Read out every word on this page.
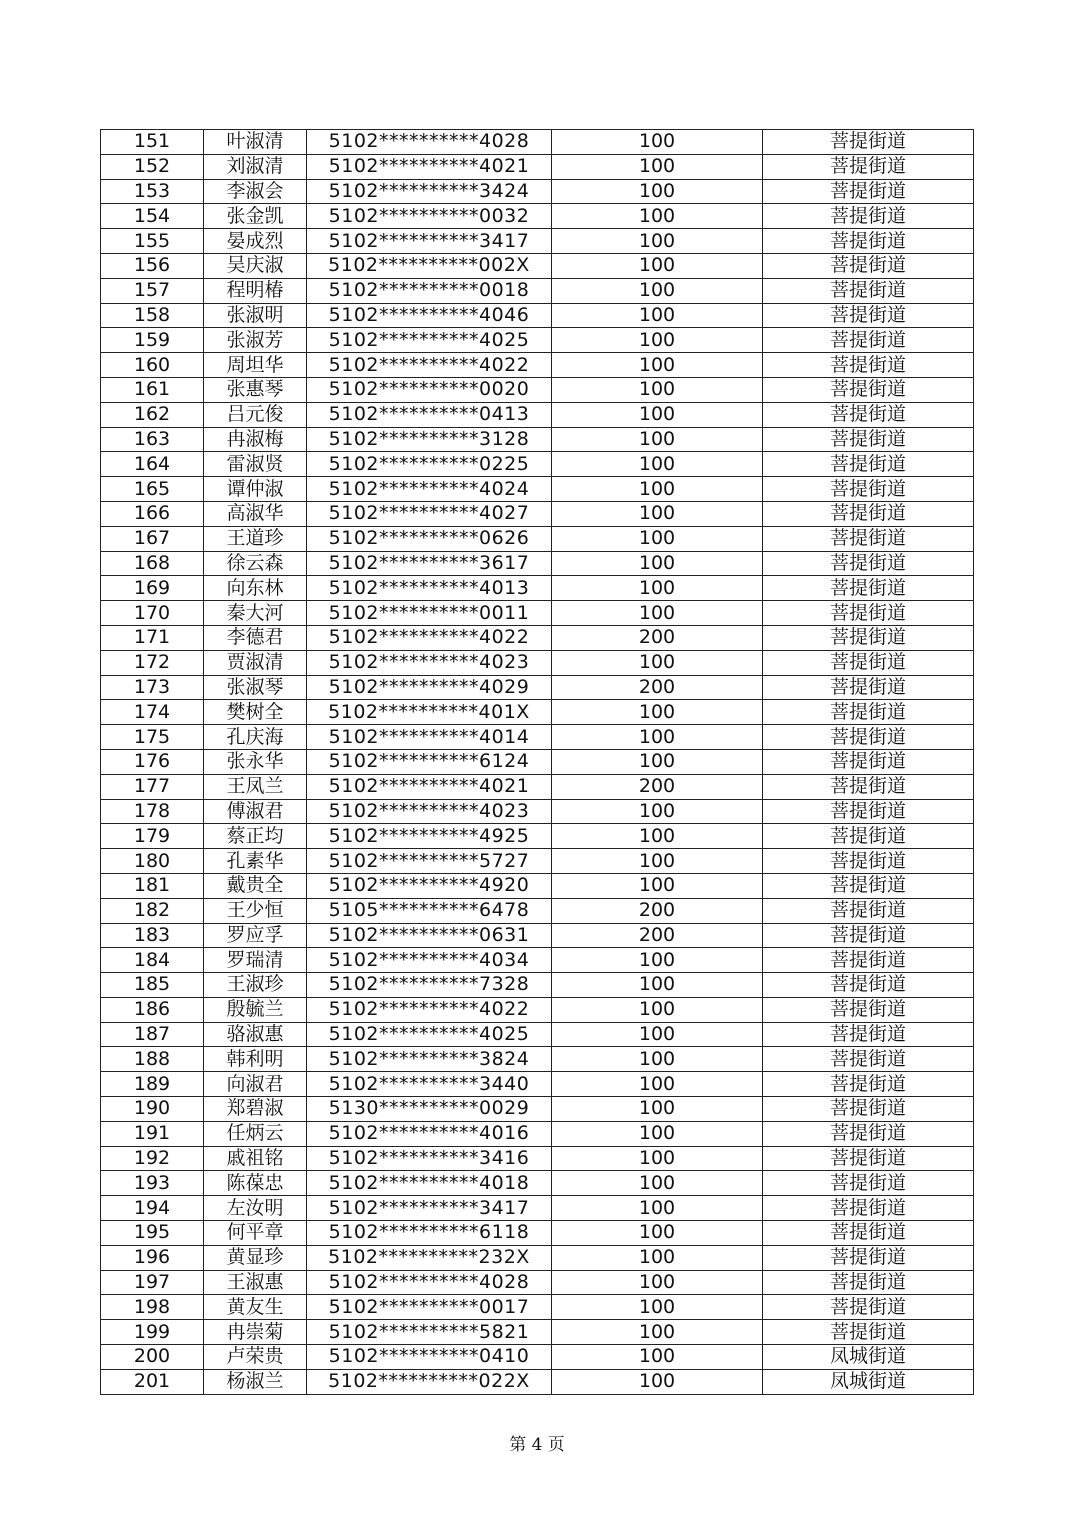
151	叶淑清	5102**********4028	100	菩提街道
152	刘淑清	5102**********4021	100	菩提街道
153	李淑会	5102**********3424	100	菩提街道
154	张金凯	5102**********0032	100	菩提街道
155	晏成烈	5102**********3417	100	菩提街道
156	吴庆淑	5102**********002X	100	菩提街道
157	程明椿	5102**********0018	100	菩提街道
158	张淑明	5102**********4046	100	菩提街道
159	张淑芳	5102**********4025	100	菩提街道
160	周坦华	5102**********4022	100	菩提街道
161	张惠琴	5102**********0020	100	菩提街道
162	吕元俊	5102**********0413	100	菩提街道
163	冉淑梅	5102**********3128	100	菩提街道
164	雷淑贤	5102**********0225	100	菩提街道
165	谭仲淑	5102**********4024	100	菩提街道
166	高淑华	5102**********4027	100	菩提街道
167	王道珍	5102**********0626	100	菩提街道
168	徐云森	5102**********3617	100	菩提街道
169	向东林	5102**********4013	100	菩提街道
170	秦大河	5102**********0011	100	菩提街道
171	李德君	5102**********4022	200	菩提街道
172	贾淑清	5102**********4023	100	菩提街道
173	张淑琴	5102**********4029	200	菩提街道
174	樊树全	5102**********401X	100	菩提街道
175	孔庆海	5102**********4014	100	菩提街道
176	张永华	5102**********6124	100	菩提街道
177	王凤兰	5102**********4021	200	菩提街道
178	傅淑君	5102**********4023	100	菩提街道
179	蔡正均	5102**********4925	100	菩提街道
180	孔素华	5102**********5727	100	菩提街道
181	戴贵全	5102**********4920	100	菩提街道
182	王少恒	5105**********6478	200	菩提街道
183	罗应孚	5102**********0631	200	菩提街道
184	罗瑞清	5102**********4034	100	菩提街道
185	王淑珍	5102**********7328	100	菩提街道
186	殷毓兰	5102**********4022	100	菩提街道
187	骆淑惠	5102**********4025	100	菩提街道
188	韩利明	5102**********3824	100	菩提街道
189	向淑君	5102**********3440	100	菩提街道
190	郑碧淑	5130**********0029	100	菩提街道
191	任炳云	5102**********4016	100	菩提街道
192	戚祖铭	5102**********3416	100	菩提街道
193	陈葆忠	5102**********4018	100	菩提街道
194	左汝明	5102**********3417	100	菩提街道
195	何平章	5102**********6118	100	菩提街道
196	黄显珍	5102**********232X	100	菩提街道
197	王淑惠	5102**********4028	100	菩提街道
198	黄友生	5102**********0017	100	菩提街道
199	冉崇菊	5102**********5821	100	菩提街道
200	卢荣贵	5102**********0410	100	凤城街道
201	杨淑兰	5102**********022X	100	凤城街道
第 4 页
